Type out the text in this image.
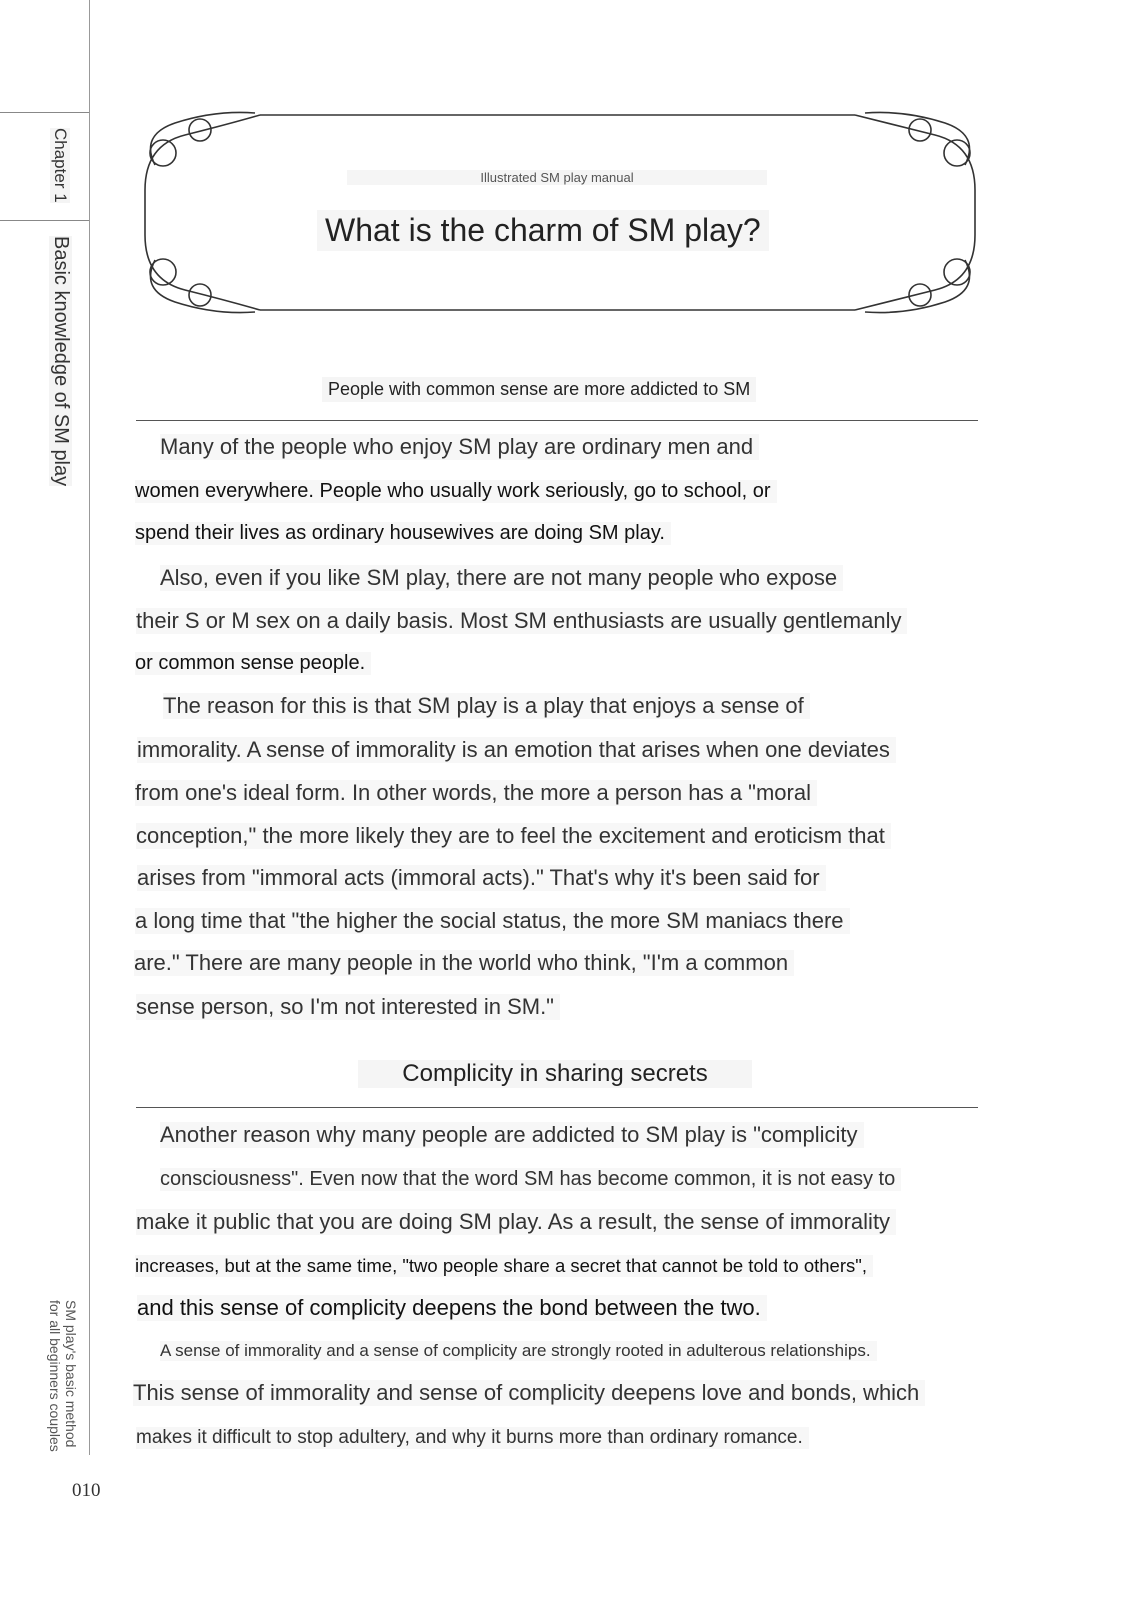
Chapter 1
Basic knowledge of SM play
SM play's basic method
for all beginners couples
010
Illustrated SM play manual
What is the charm of SM play?
People with common sense are more addicted to SM
Many of the people who enjoy SM play are ordinary men and
women everywhere. People who usually work seriously, go to school, or
spend their lives as ordinary housewives are doing SM play.
Also, even if you like SM play, there are not many people who expose
their S or M sex on a daily basis. Most SM enthusiasts are usually gentlemanly
or common sense people.
The reason for this is that SM play is a play that enjoys a sense of
immorality. A sense of immorality is an emotion that arises when one deviates
from one's ideal form. In other words, the more a person has a "moral
conception," the more likely they are to feel the excitement and eroticism that
arises from "immoral acts (immoral acts)." That's why it's been said for
a long time that "the higher the social status, the more SM maniacs there
are." There are many people in the world who think, "I'm a common
sense person, so I'm not interested in SM."
Complicity in sharing secrets
Another reason why many people are addicted to SM play is "complicity
consciousness". Even now that the word SM has become common, it is not easy to
make it public that you are doing SM play. As a result, the sense of immorality
increases, but at the same time, "two people share a secret that cannot be told to others",
and this sense of complicity deepens the bond between the two.
A sense of immorality and a sense of complicity are strongly rooted in adulterous relationships.
This sense of immorality and sense of complicity deepens love and bonds, which
makes it difficult to stop adultery, and why it burns more than ordinary romance.
